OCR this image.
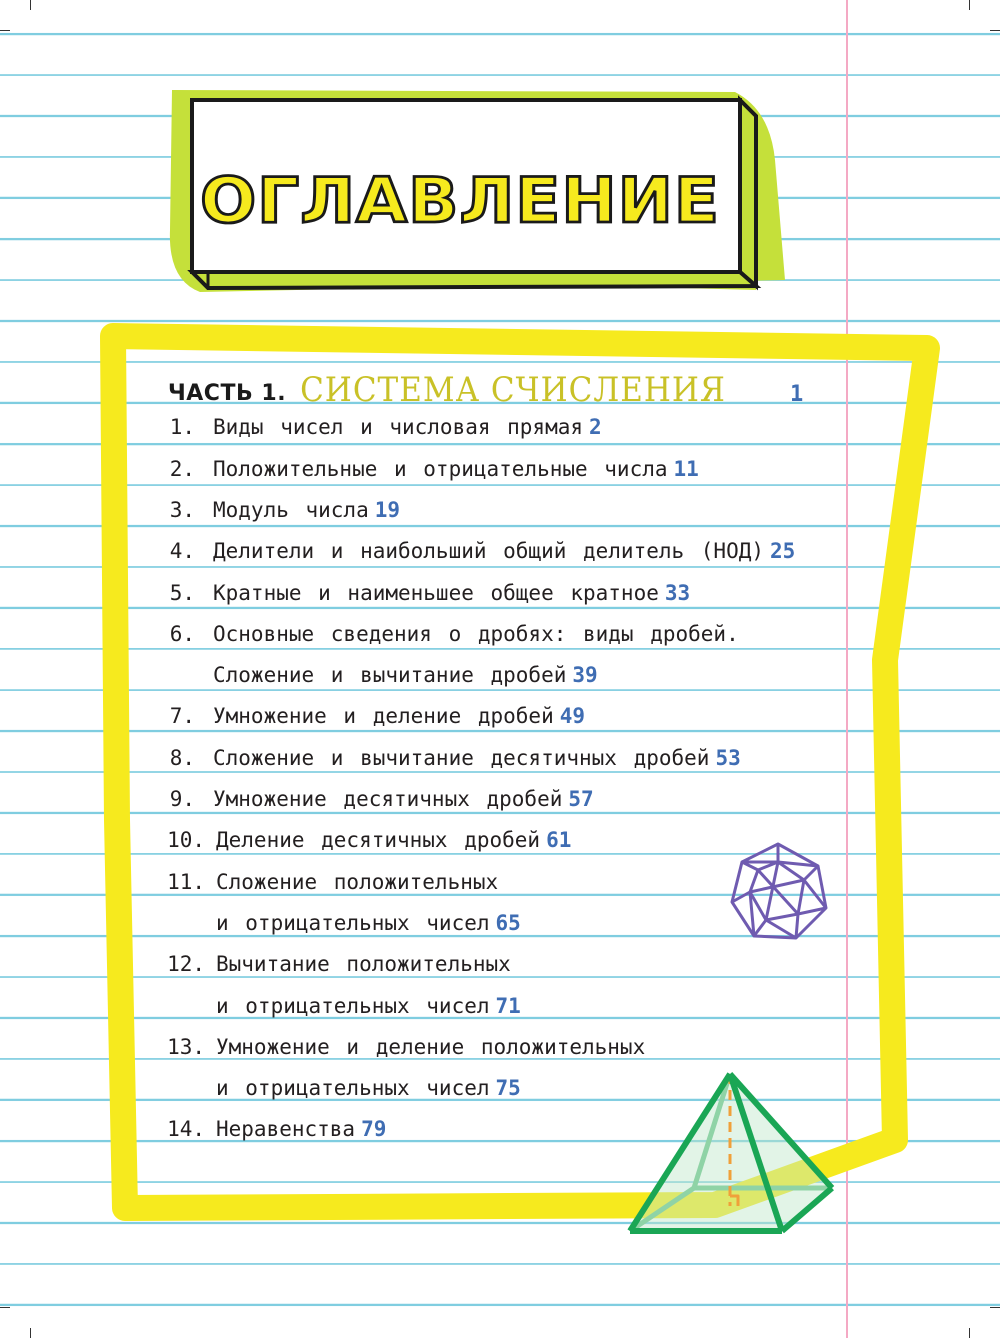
ОГЛАВЛЕНИЕ
ЧАСТЬ 1. СИСТЕМА СЧИСЛЕНИЯ	1
1. Виды чисел и числовая прямая 2
2. Положительные и отрицательные числа 11
3. Модуль числа 19
4. Делители и наибольший общий делитель (НОД) 25
5. Кратные и наименьшее общее кратное 33
6. Основные сведения о дробях: виды дробей.
Сложение и вычитание дробей 39
7. Умножение и деление дробей 49
8. Сложение и вычитание десятичных дробей 53
9. Умножение десятичных дробей 57
10. Деление десятичных дробей 61
11. Сложение положительных
и отрицательных чисел 65
12. Вычитание положительных
и отрицательных чисел 71
13. Умножение и деление положительных
и отрицательных чисел 75
14. Неравенства 79
